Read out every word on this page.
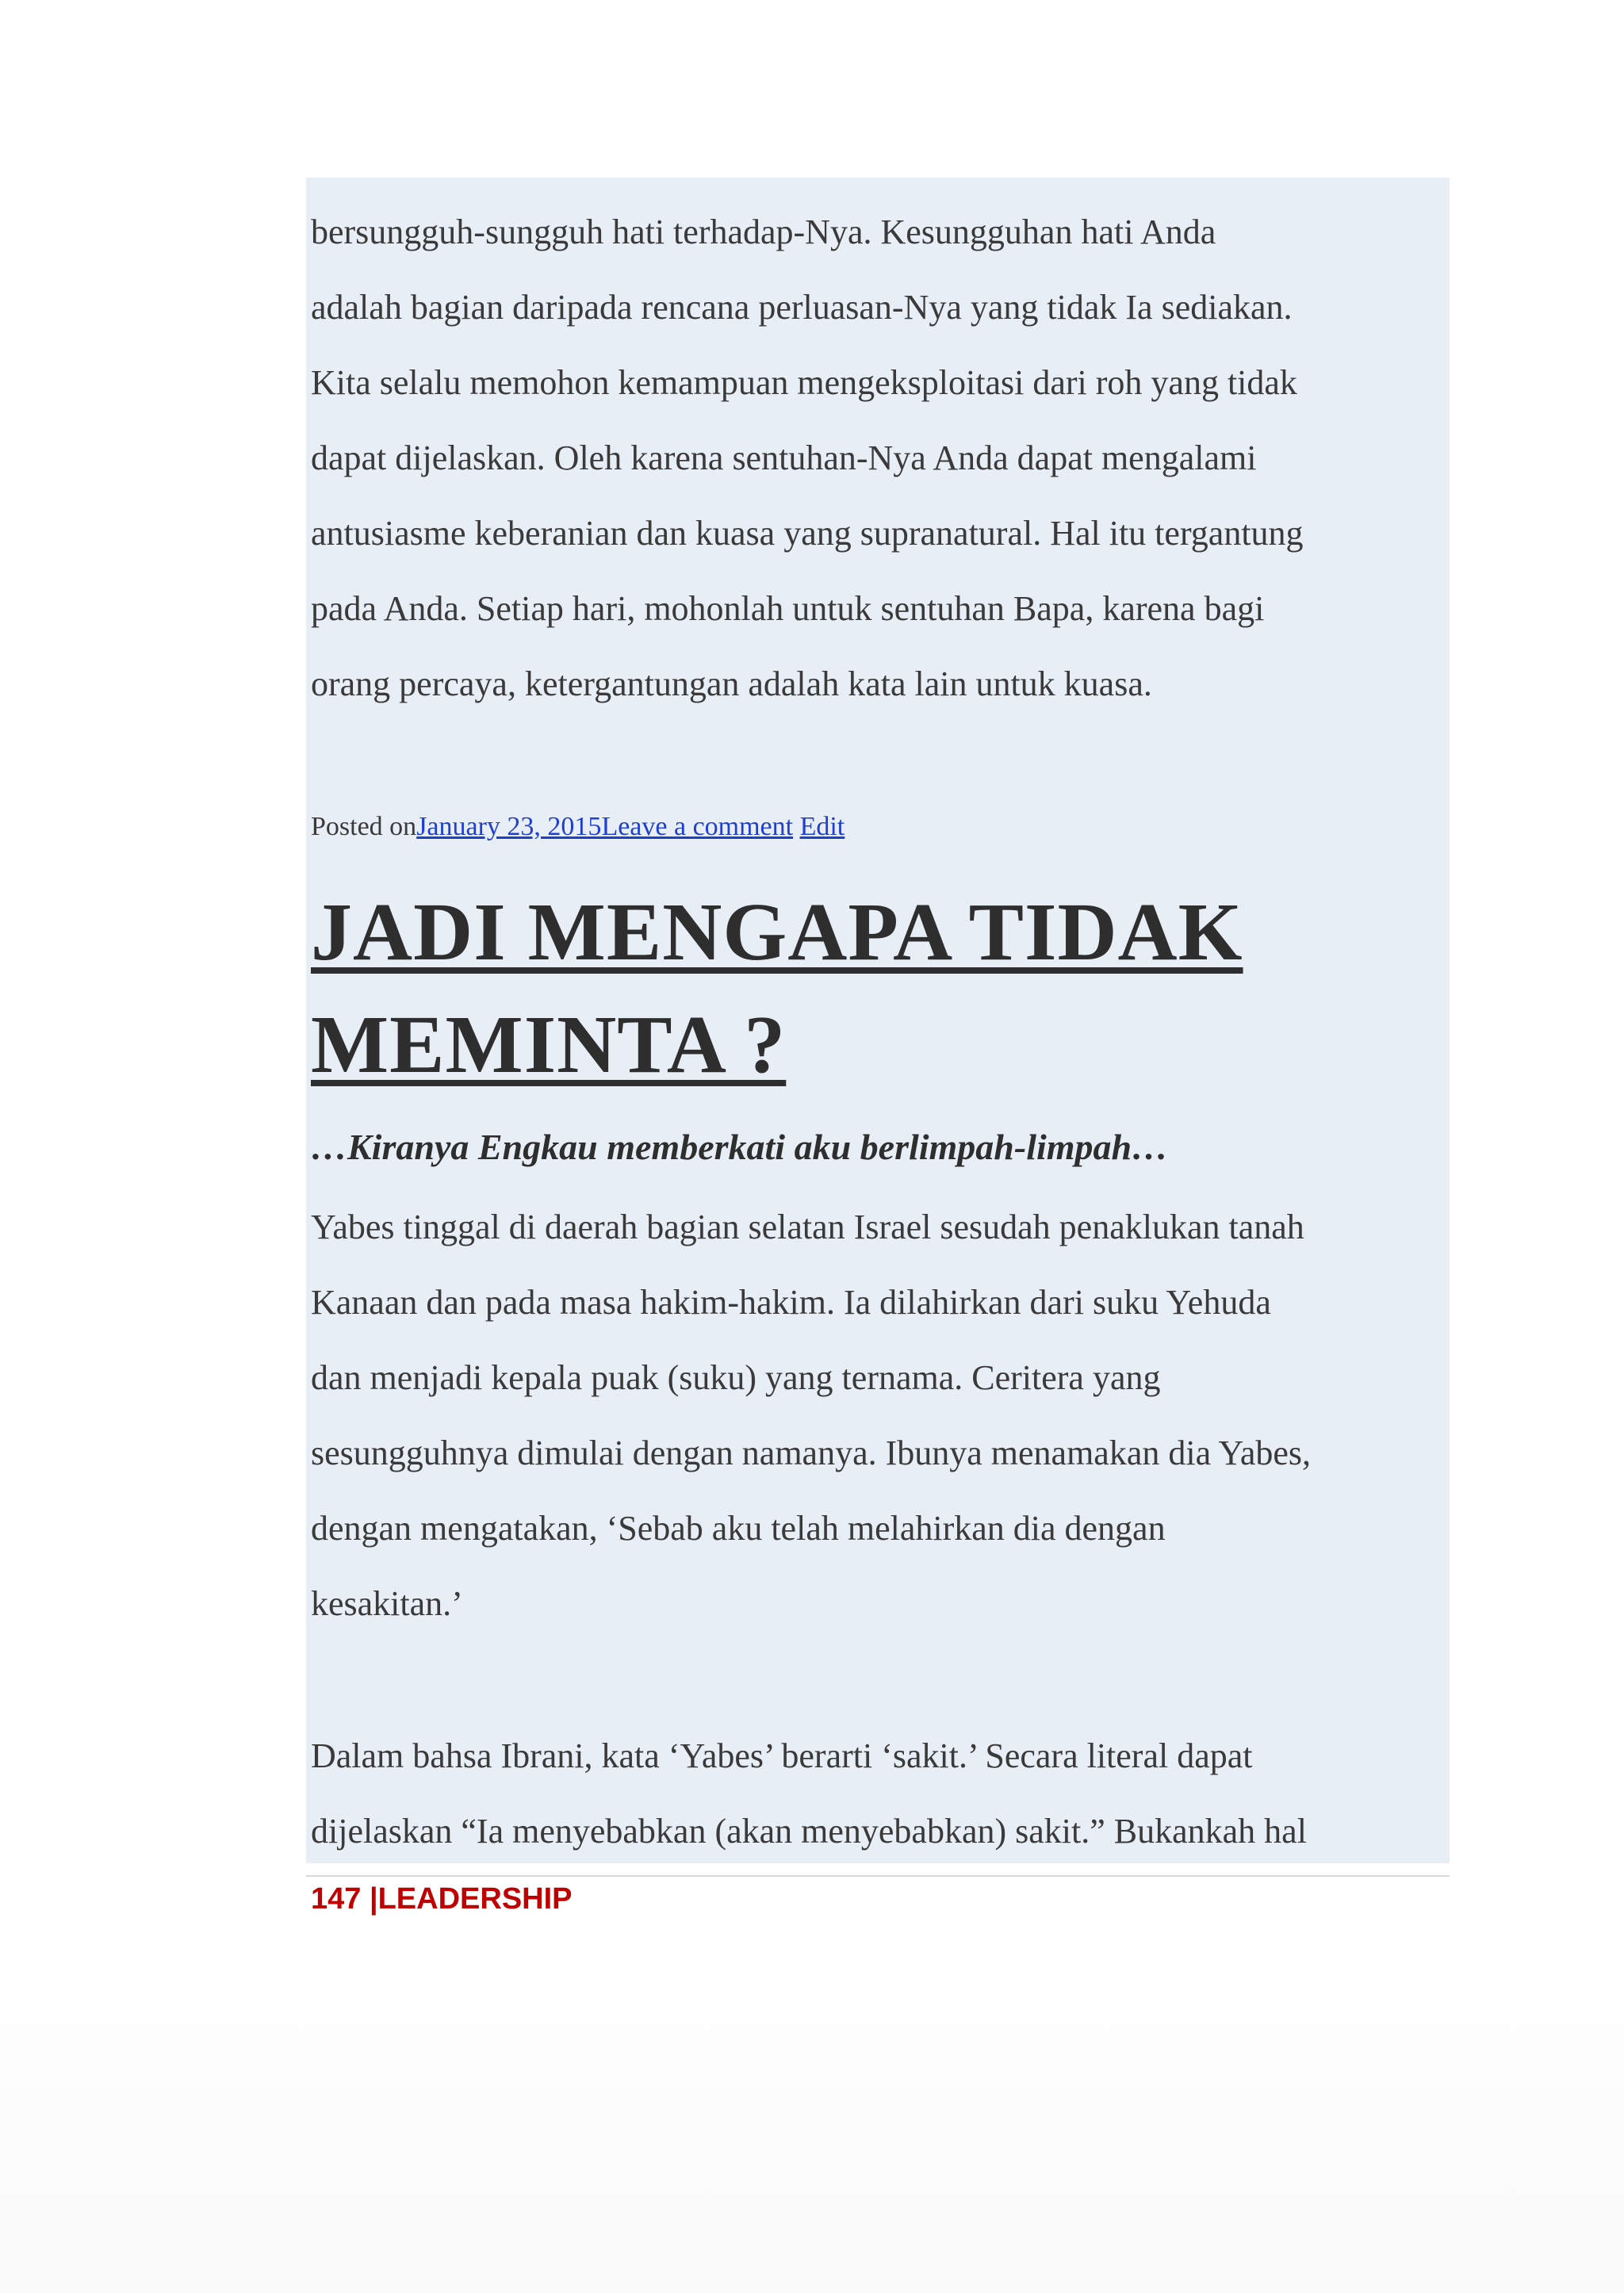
bersungguh-sungguh hati terhadap-Nya. Kesungguhan hati Anda
adalah bagian daripada rencana perluasan-Nya yang tidak Ia sediakan.
Kita selalu memohon kemampuan mengeksploitasi dari roh yang tidak
dapat dijelaskan. Oleh karena sentuhan-Nya Anda dapat mengalami
antusiasme keberanian dan kuasa yang supranatural. Hal itu tergantung
pada Anda. Setiap hari, mohonlah untuk sentuhan Bapa, karena bagi
orang percaya, ketergantungan adalah kata lain untuk kuasa.
Posted onJanuary 23, 2015Leave a comment Edit
JADI MENGAPA TIDAK
MEMINTA ?

…Kiranya Engkau memberkati aku berlimpah-limpah…

Yabes tinggal di daerah bagian selatan Israel sesudah penaklukan tanah
Kanaan dan pada masa hakim-hakim. Ia dilahirkan dari suku Yehuda
dan menjadi kepala puak (suku) yang ternama. Ceritera yang
sesungguhnya dimulai dengan namanya. Ibunya menamakan dia Yabes,
dengan mengatakan, ‘Sebab aku telah melahirkan dia dengan
kesakitan.’
Dalam bahsa Ibrani, kata ‘Yabes’ berarti ‘sakit.’ Secara literal dapat
dijelaskan “Ia menyebabkan (akan menyebabkan) sakit.” Bukankah hal
147 |LEADERSHIP
